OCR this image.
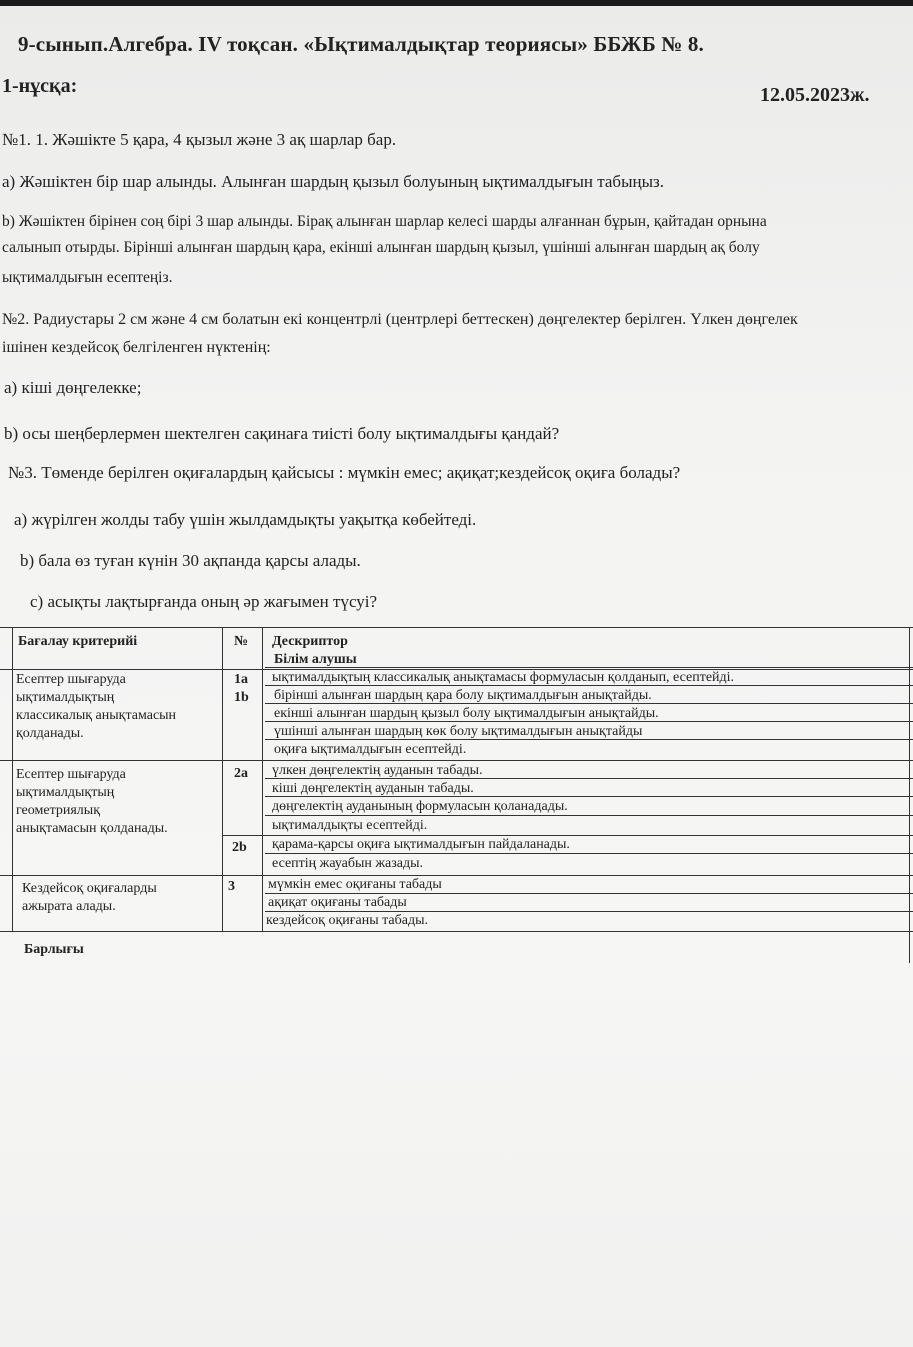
9-сынып.Алгебра. IV тоқсан. «Ықтималдықтар теориясы» ББЖБ № 8.
12.05.2023ж.
1-нұсқа:
№1. 1. Жәшікте 5 қара, 4 қызыл және 3 ақ шарлар бар.
а) Жәшіктен бір шар алынды. Алынған шардың қызыл болуының ықтималдығын табыңыз.
b) Жәшіктен бірінен соң бірі 3 шар алынды. Бірақ алынған шарлар келесі шарды алғаннан бұрын, қайтадан орнына
салынып отырды. Бірінші алынған шардың қара, екінші алынған шардың қызыл, үшінші алынған шардың ақ болу
ықтималдығын есептеңіз.
№2. Радиустары 2 см және 4 см болатын екі концентрлі (центрлері беттескен) дөңгелектер берілген. Үлкен дөңгелек
ішінен кездейсоқ белгіленген нүктенің:
а) кіші дөңгелекке;
b) осы шеңберлермен шектелген сақинаға тиісті болу ықтималдығы қандай?
№3. Төменде берілген оқиғалардың қайсысы : мүмкін емес; ақиқат;кездейсоқ оқиға болады?
а) жүрілген жолды табу үшін жылдамдықты уақытқа көбейтеді.
b) бала өз туған күнін 30 ақпанда қарсы алады.
с) асықты лақтырғанда оның әр жағымен түсуі?
Бағалау критерийі	№ Дескриптор
Білім алушы
Есептер шығаруда
ықтималдықтың
классикалық анықтамасын
қолданады.
Есептер шығаруда
ықтималдықтың
геометриялық
анықтамасын қолданады.
Кездейсоқ оқиғаларды
ажырата алады.
1a
1b
2a
2b
3
ықтималдықтың классикалық анықтамасы формуласын қолданып, есептейді.
бірінші алынған шардың қара болу ықтималдығын анықтайды.
екінші алынған шардың қызыл болу ықтималдығын анықтайды.
үшінші алынған шардың көк болу ықтималдығын анықтайды
оқиға ықтималдығын есептейді.
үлкен дөңгелектің ауданын табады.
кіші дөңгелектің ауданын табады.
дөңгелектің ауданының формуласын қоланадады.
ықтималдықты есептейді.
қарама-қарсы оқиға ықтималдығын пайдаланады.
есептің жауабын жазады.
мүмкін емес оқиғаны табады
ақиқат оқиғаны табады
кездейсоқ оқиғаны табады.
Барлығы
